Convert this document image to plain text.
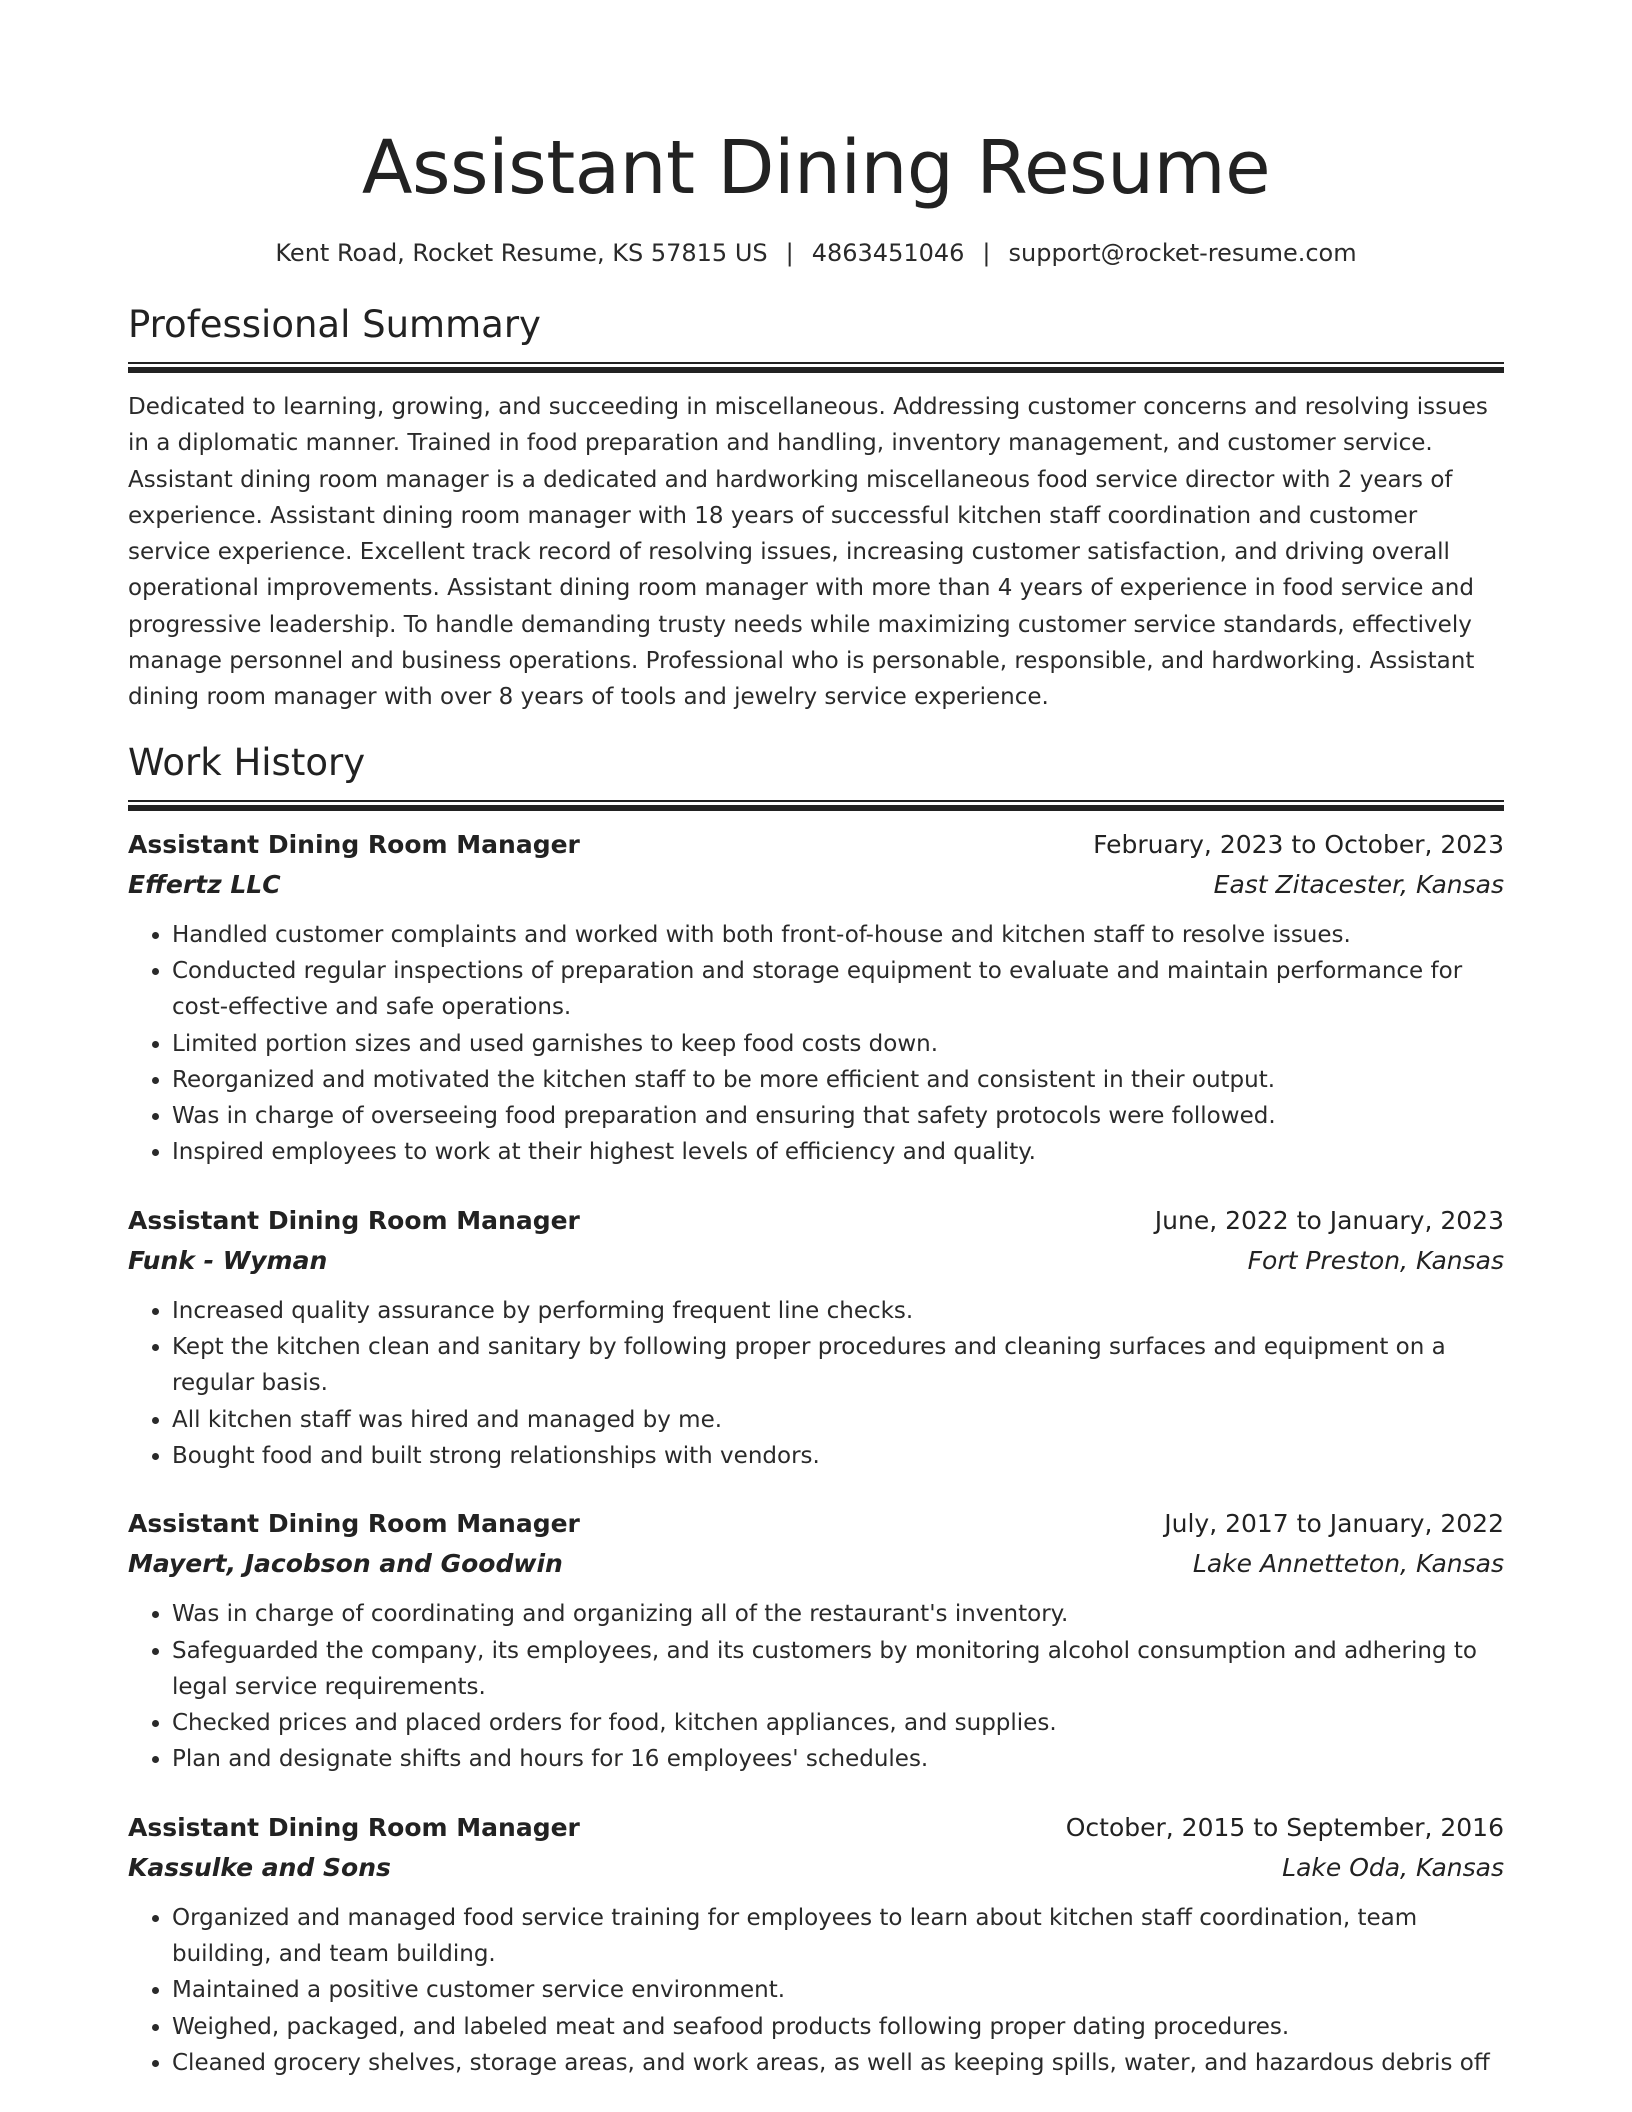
Assistant Dining Resume
Kent Road, Rocket Resume, KS 57815 US | 4863451046 | support@rocket-resume.com
Professional Summary

Dedicated to learning, growing, and succeeding in miscellaneous. Addressing customer concerns and resolving issues in a diplomatic manner. Trained in food preparation and handling, inventory management, and customer service. Assistant dining room manager is a dedicated and hardworking miscellaneous food service director with 2 years of experience. Assistant dining room manager with 18 years of successful kitchen staff coordination and customer service experience. Excellent track record of resolving issues, increasing customer satisfaction, and driving overall operational improvements. Assistant dining room manager with more than 4 years of experience in food service and progressive leadership. To handle demanding trusty needs while maximizing customer service standards, effectively manage personnel and business operations. Professional who is personable, responsible, and hardworking. Assistant dining room manager with over 8 years of tools and jewelry service experience.

Work History
Assistant Dining Room Manager	February, 2023 to October, 2023
Effertz LLC	East Zitacester, Kansas
• Handled customer complaints and worked with both front-of-house and kitchen staff to resolve issues.
• Conducted regular inspections of preparation and storage equipment to evaluate and maintain performance for cost-effective and safe operations.
• Limited portion sizes and used garnishes to keep food costs down.
• Reorganized and motivated the kitchen staff to be more efficient and consistent in their output.
• Was in charge of overseeing food preparation and ensuring that safety protocols were followed.
• Inspired employees to work at their highest levels of efficiency and quality.
Assistant Dining Room Manager	June, 2022 to January, 2023
Funk - Wyman	Fort Preston, Kansas
• Increased quality assurance by performing frequent line checks.
• Kept the kitchen clean and sanitary by following proper procedures and cleaning surfaces and equipment on a regular basis.
• All kitchen staff was hired and managed by me.
• Bought food and built strong relationships with vendors.
Assistant Dining Room Manager	July, 2017 to January, 2022
Mayert, Jacobson and Goodwin	Lake Annetteton, Kansas
• Was in charge of coordinating and organizing all of the restaurant's inventory.
• Safeguarded the company, its employees, and its customers by monitoring alcohol consumption and adhering to legal service requirements.
• Checked prices and placed orders for food, kitchen appliances, and supplies.
• Plan and designate shifts and hours for 16 employees' schedules.
Assistant Dining Room Manager	October, 2015 to September, 2016
Kassulke and Sons	Lake Oda, Kansas
• Organized and managed food service training for employees to learn about kitchen staff coordination, team building, and team building.
• Maintained a positive customer service environment.
• Weighed, packaged, and labeled meat and seafood products following proper dating procedures.
• Cleaned grocery shelves, storage areas, and work areas, as well as keeping spills, water, and hazardous debris off
